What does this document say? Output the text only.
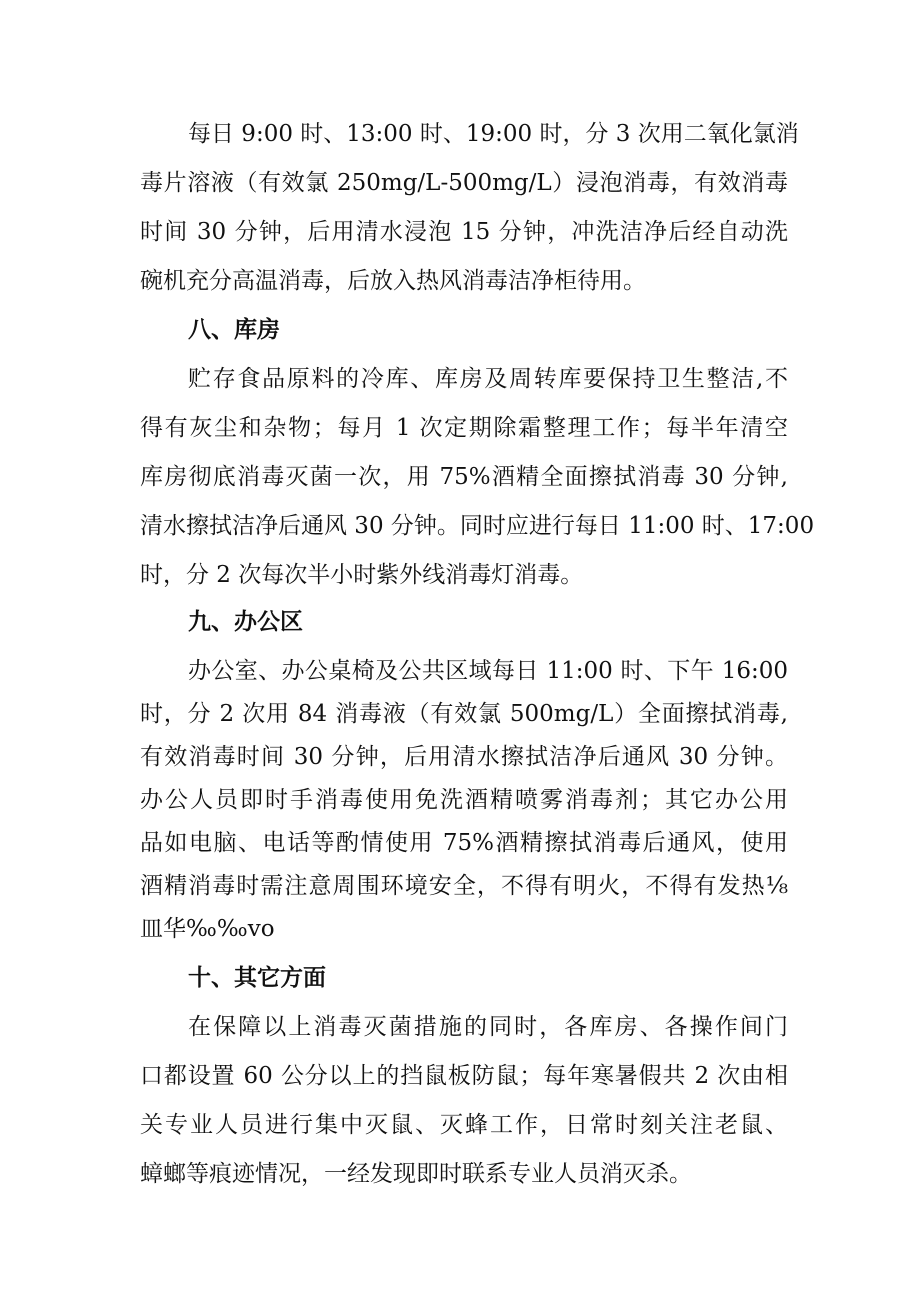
每日 9:00 时、13:00 时、19:00 时，分 3 次用二氧化氯消
毒片溶液（有效氯 250mg/L-500mg/L）浸泡消毒，有效消毒
时间 30 分钟，后用清水浸泡 15 分钟，冲洗洁净后经自动洗
碗机充分高温消毒，后放入热风消毒洁净柜待用。
八、库房
贮存食品原料的冷库、库房及周转库要保持卫生整洁,不
得有灰尘和杂物；每月 1 次定期除霜整理工作；每半年清空
库房彻底消毒灭菌一次，用 75%酒精全面擦拭消毒 30 分钟,
清水擦拭洁净后通风 30 分钟。同时应进行每日 11:00 时、17:00
时，分 2 次每次半小时紫外线消毒灯消毒。
九、办公区
办公室、办公桌椅及公共区域每日 11:00 时、下午 16:00
时，分 2 次用 84 消毒液（有效氯 500mg/L）全面擦拭消毒,
有效消毒时间 30 分钟，后用清水擦拭洁净后通风 30 分钟。
办公人员即时手消毒使用免洗酒精喷雾消毒剂；其它办公用
品如电脑、电话等酌情使用 75%酒精擦拭消毒后通风，使用
酒精消毒时需注意周围环境安全，不得有明火，不得有发热⅛
皿华‰‰vo
十、其它方面
在保障以上消毒灭菌措施的同时，各库房、各操作间门
口都设置 60 公分以上的挡鼠板防鼠；每年寒暑假共 2 次由相
关专业人员进行集中灭鼠、灭蜂工作，日常时刻关注老鼠、
蟑螂等痕迹情况，一经发现即时联系专业人员消灭杀。
